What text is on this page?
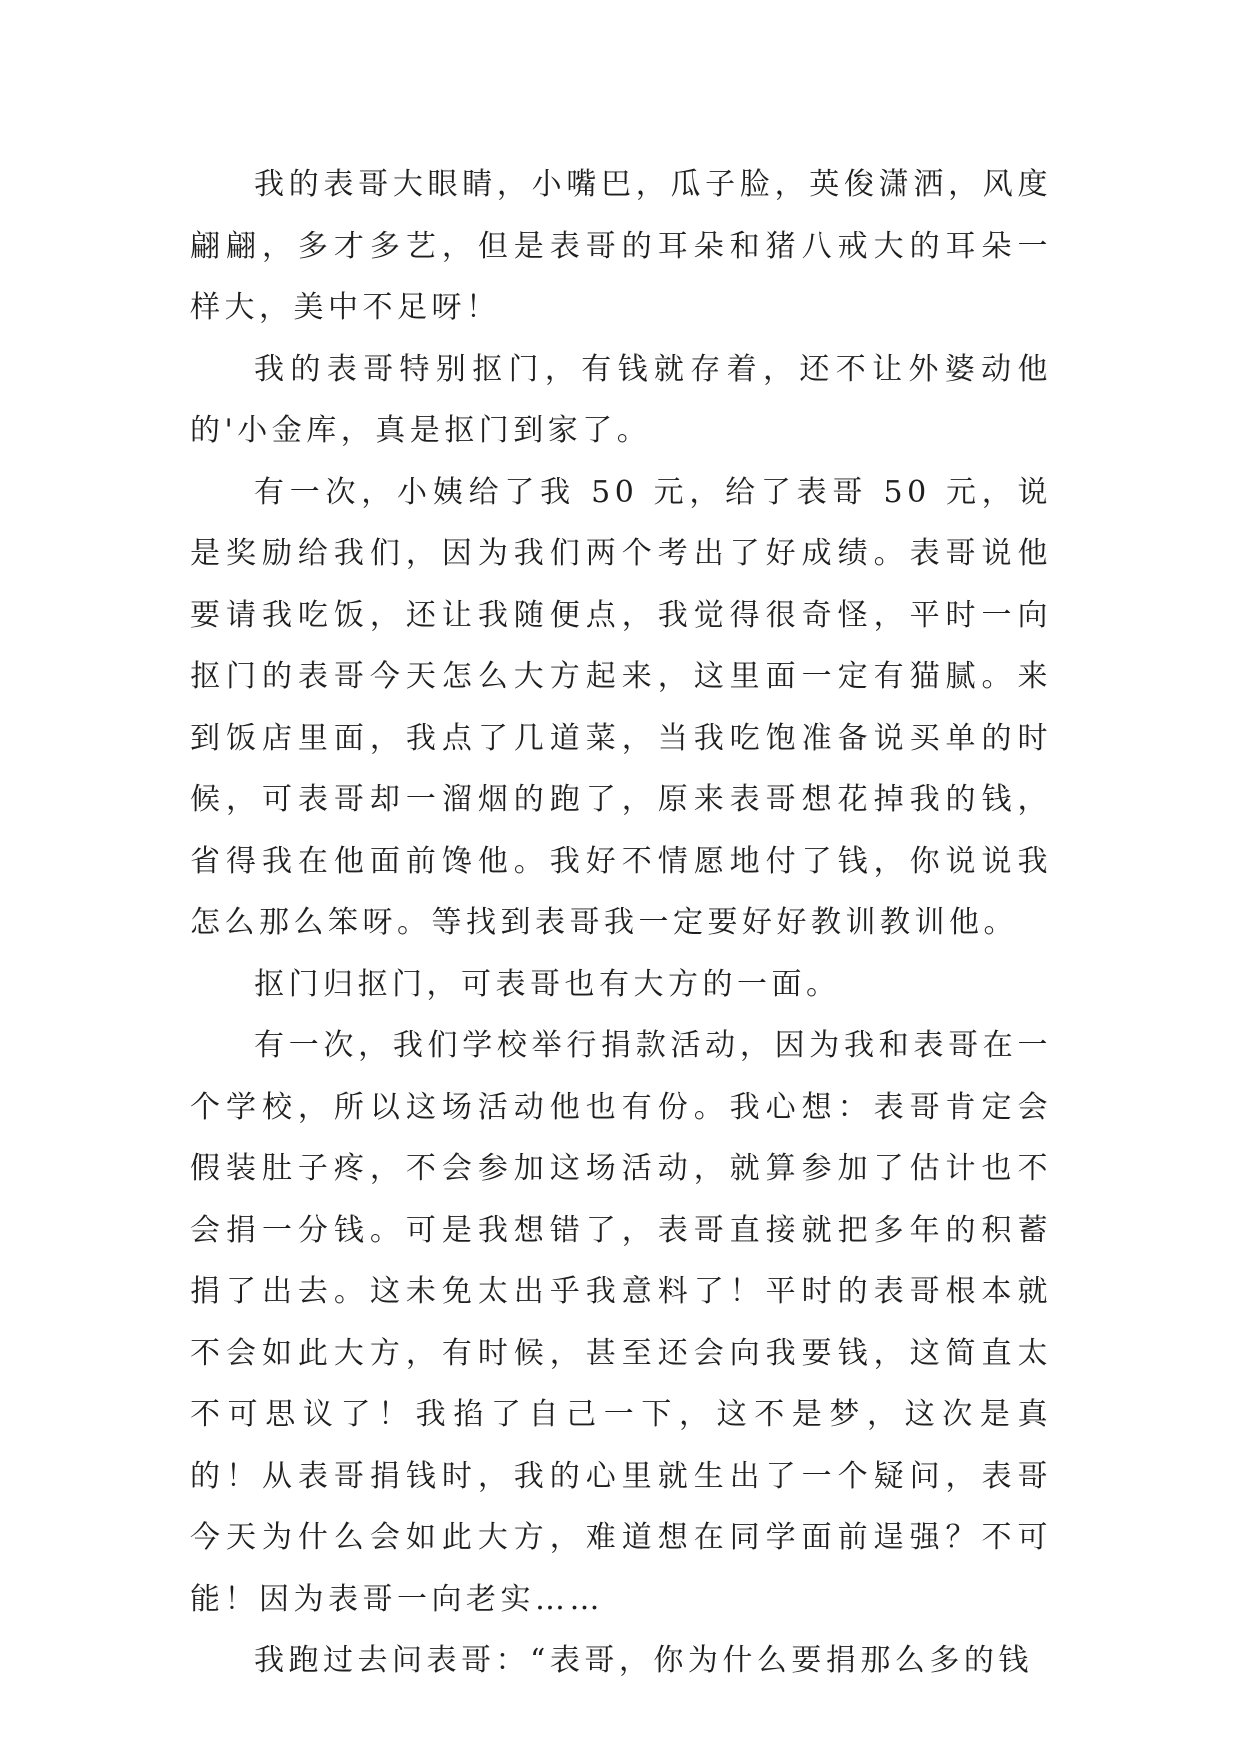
我的表哥大眼睛，小嘴巴，瓜子脸，英俊潇洒，风度翩翩，多才多艺，但是表哥的耳朵和猪八戒大的耳朵一样大，美中不足呀！

我的表哥特别抠门，有钱就存着，还不让外婆动他的'小金库，真是抠门到家了。

有一次，小姨给了我 50 元，给了表哥 50 元，说是奖励给我们，因为我们两个考出了好成绩。表哥说他要请我吃饭，还让我随便点，我觉得很奇怪，平时一向抠门的表哥今天怎么大方起来，这里面一定有猫腻。来到饭店里面，我点了几道菜，当我吃饱准备说买单的时候，可表哥却一溜烟的跑了，原来表哥想花掉我的钱，省得我在他面前馋他。我好不情愿地付了钱，你说说我怎么那么笨呀。等找到表哥我一定要好好教训教训他。

抠门归抠门，可表哥也有大方的一面。

有一次，我们学校举行捐款活动，因为我和表哥在一个学校，所以这场活动他也有份。我心想：表哥肯定会假装肚子疼，不会参加这场活动，就算参加了估计也不会捐一分钱。可是我想错了，表哥直接就把多年的积蓄捐了出去。这未免太出乎我意料了！平时的表哥根本就不会如此大方，有时候，甚至还会向我要钱，这简直太不可思议了！我掐了自己一下，这不是梦，这次是真的！从表哥捐钱时，我的心里就生出了一个疑问，表哥今天为什么会如此大方，难道想在同学面前逞强？不可能！因为表哥一向老实……

我跑过去问表哥：“表哥，你为什么要捐那么多的钱
